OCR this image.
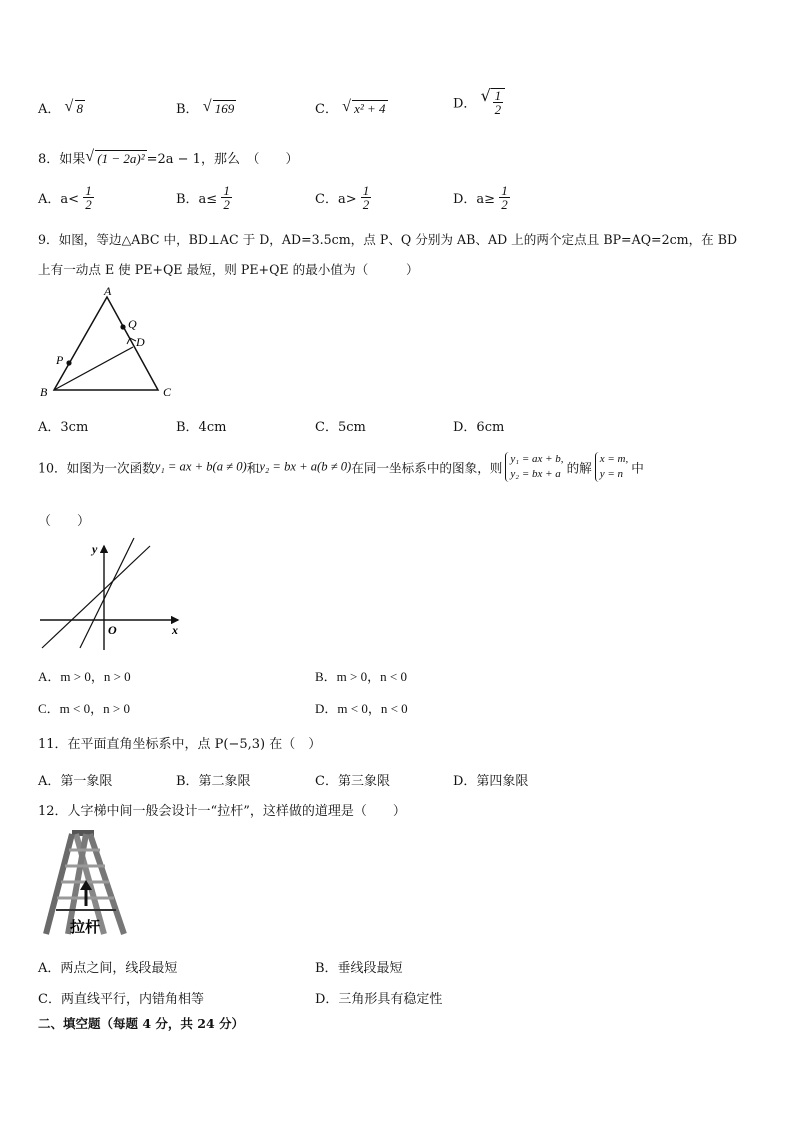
A． √ 8	B． √ 169	C． √ x² + 4	D． √ $\frac{1}{2}$
8．如果 √ (1 − 2a)² =2a − 1，那么　（　　）
A．$a< \frac{1}{2}$	B．$a\le \frac{1}{2}$	C．$a> \frac{1}{2}$	D．$a\ge \frac{1}{2}$
9．如图，等边△ABC 中，BD⊥AC 于 D，AD=3.5cm，点 P、Q 分别为 AB、AD 上的两个定点且 BP=AQ=2cm，在 BD
上有一动点 E 使 PE+QE 最短，则 PE+QE 的最小值为（　　　）
A
Q
D
P
B	C
A．3cm	B．4cm	C．5cm	D．6cm
10．如图为一次函数y₁ = ax + b(a ≠ 0)和y₂ = bx + a(b ≠ 0)在同一坐标系中的图象，则
y₁ = ax + b,
y₂ = bx + a 的解
x = m,
y = n 中
（　　）
y
x
O
A．m > 0，n > 0	B．m > 0，n < 0
C．m < 0，n > 0	D．m < 0，n < 0
11．在平面直角坐标系中，点 P(−5,3) 在（　）
A．第一象限	B．第二象限	C．第三象限	D．第四象限
12．人字梯中间一般会设计一“拉杆”，这样做的道理是（　　）
拉杆
A．两点之间，线段最短	B．垂线段最短
C．两直线平行，内错角相等	D．三角形具有稳定性
二、填空题（每题 4 分，共 24 分）
